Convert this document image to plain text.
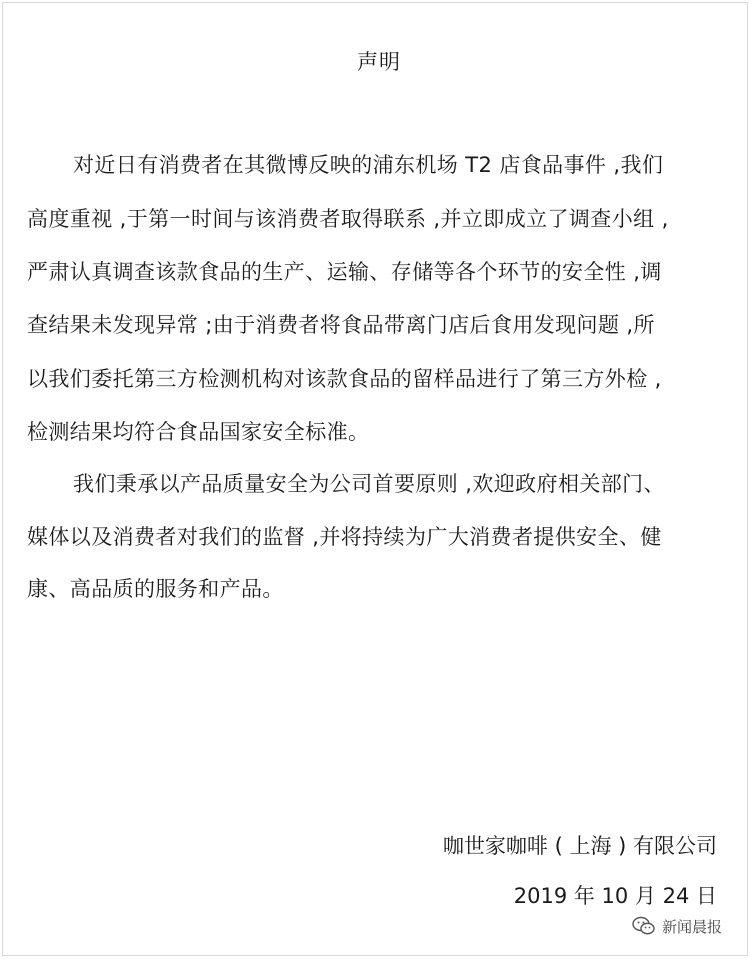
声明
对近日有消费者在其微博反映的浦东机场 T2 店食品事件 ,我们
高度重视 ,于第一时间与该消费者取得联系 ,并立即成立了调查小组 ,
严肃认真调查该款食品的生产、运输、存储等各个环节的安全性 ,调
查结果未发现异常 ;由于消费者将食品带离门店后食用发现问题 ,所
以我们委托第三方检测机构对该款食品的留样品进行了第三方外检 ,
检测结果均符合食品国家安全标准。
我们秉承以产品质量安全为公司首要原则 ,欢迎政府相关部门、
媒体以及消费者对我们的监督 ,并将持续为广大消费者提供安全、健
康、高品质的服务和产品。
咖世家咖啡 ( 上海 ) 有限公司
2019 年 10 月 24 日
新闻晨报
